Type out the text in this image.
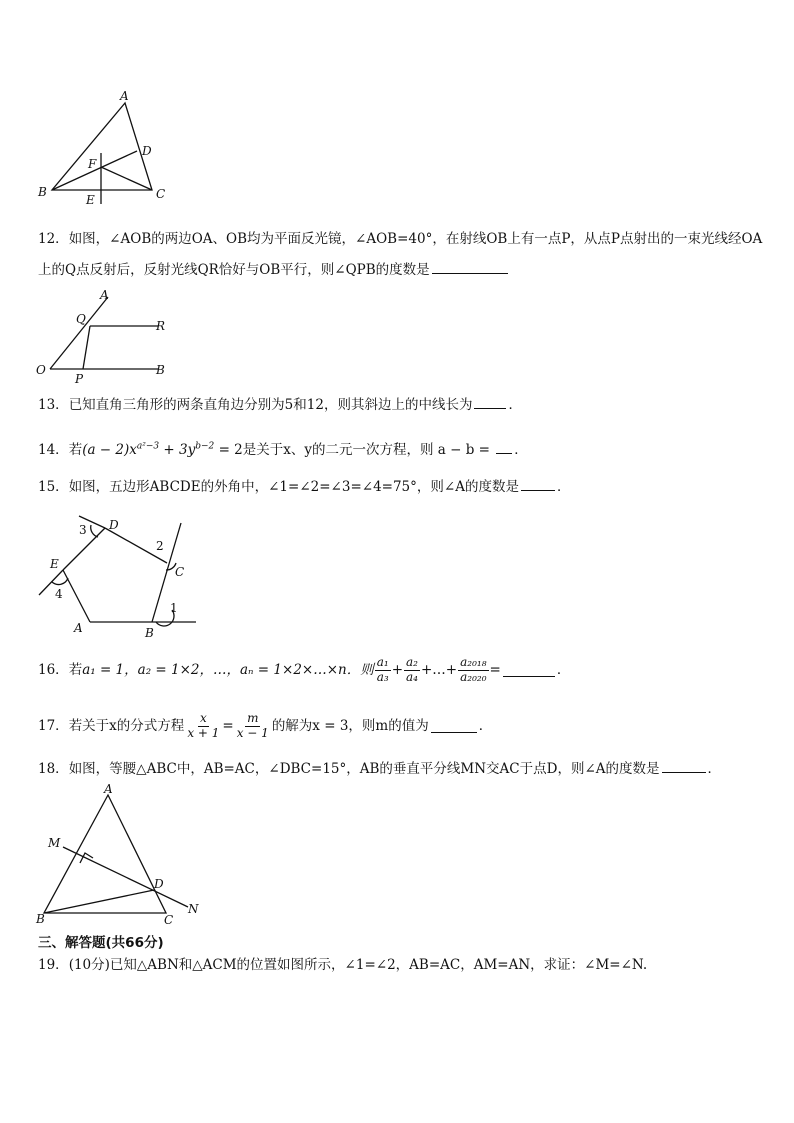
A
B	C
D
E
F
12．如图，∠AOB的两边OA、OB均为平面反光镜，∠AOB=40°，在射线OB上有一点P，从点P点射出的一束光线经OA
上的Q点反射后，反射光线QR恰好与OB平行，则∠QPB的度数是
A
Q	R
O
P
B
13．已知直角三角形的两条直角边分别为5和12，则其斜边上的中线长为	．
14．若$(a - 2)x^{a^2-3} + 3y^{b-2} = 2$是关于x、y的二元一次方程，则 a − b = ．
15．如图，五边形ABCDE的外角中，∠1=∠2=∠3=∠4=75°，则∠A的度数是	．
D
C
E
A	B
1
2
3
4
16． 若 a₁ = 1， a₂ = 1×2，…， aₙ = 1×2×…×n．则 $\frac{\text{a₁}}{\text{a₃}} + \frac{\text{a₂}}{\text{a₄}}$ +…+ $\frac{\text{a₂₀₁₈}}{\text{a₂₀₂₀}}$ =	．
17． 若关于x的分式方程 $\frac{x}{x + 1} = \frac{m}{x - 1}$ 的解为x = 3，则m的值为	．
18．如图，等腰△ABC中，AB=AC，∠DBC=15°，AB的垂直平分线MN交AC于点D，则∠A的度数是	．
A
M
D
B	C
N
三、解答题(共66分)
19．(10分)已知△ABN和△ACM的位置如图所示，∠1=∠2，AB=AC，AM=AN，求证：∠M=∠N.
